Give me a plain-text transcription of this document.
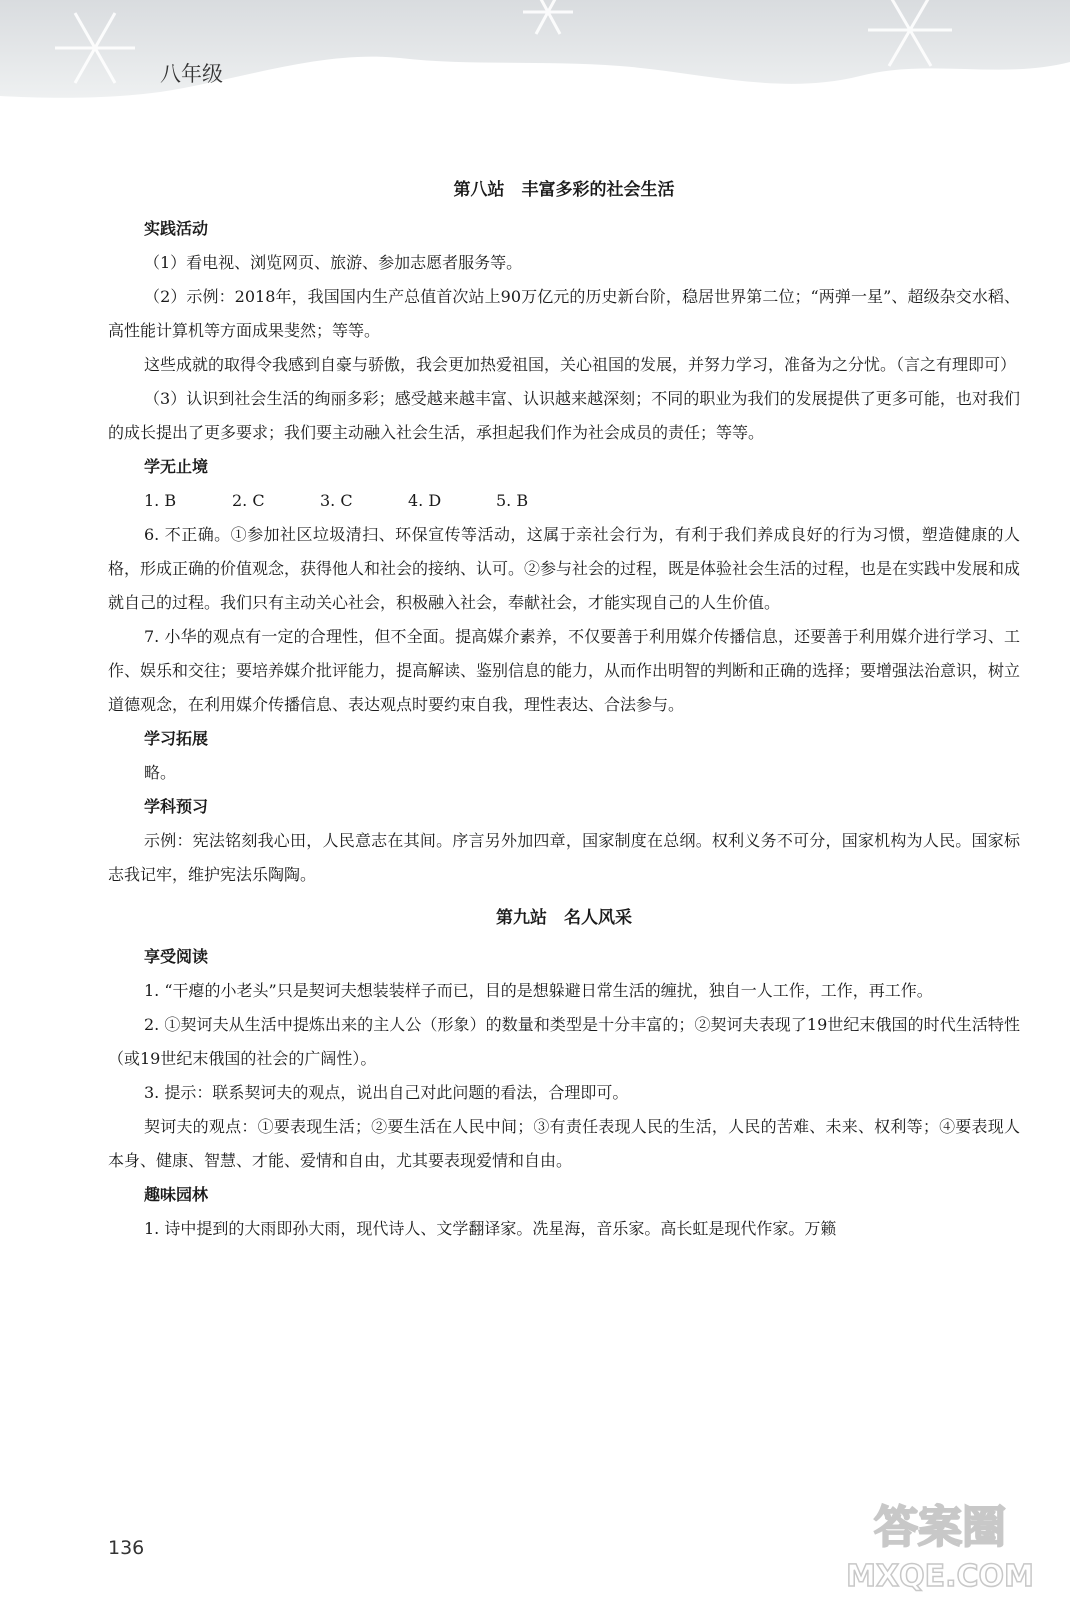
八年级
第八站　丰富多彩的社会生活
实践活动

（1）看电视、浏览网页、旅游、参加志愿者服务等。

（2）示例：2018年，我国国内生产总值首次站上90万亿元的历史新台阶，稳居世界第二位；“两弹一星”、超级杂交水稻、高性能计算机等方面成果斐然；等等。

这些成就的取得令我感到自豪与骄傲，我会更加热爱祖国，关心祖国的发展，并努力学习，准备为之分忧。（言之有理即可）

（3）认识到社会生活的绚丽多彩；感受越来越丰富、认识越来越深刻；不同的职业为我们的发展提供了更多可能，也对我们的成长提出了更多要求；我们要主动融入社会生活，承担起我们作为社会成员的责任；等等。

学无止境
1. B	2. C	3. C	4. D	5. B

6. 不正确。①参加社区垃圾清扫、环保宣传等活动，这属于亲社会行为，有利于我们养成良好的行为习惯，塑造健康的人格，形成正确的价值观念，获得他人和社会的接纳、认可。②参与社会的过程，既是体验社会生活的过程，也是在实践中发展和成就自己的过程。我们只有主动关心社会，积极融入社会，奉献社会，才能实现自己的人生价值。

7. 小华的观点有一定的合理性，但不全面。提高媒介素养，不仅要善于利用媒介传播信息，还要善于利用媒介进行学习、工作、娱乐和交往；要培养媒介批评能力，提高解读、鉴别信息的能力，从而作出明智的判断和正确的选择；要增强法治意识，树立道德观念，在利用媒介传播信息、表达观点时要约束自我，理性表达、合法参与。

学习拓展

略。

学科预习

示例：宪法铭刻我心田，人民意志在其间。序言另外加四章，国家制度在总纲。权利义务不可分，国家机构为人民。国家标志我记牢，维护宪法乐陶陶。

第九站　名人风采
享受阅读

1. “干瘪的小老头”只是契诃夫想装装样子而已，目的是想躲避日常生活的缠扰，独自一人工作，工作，再工作。

2. ①契诃夫从生活中提炼出来的主人公（形象）的数量和类型是十分丰富的；②契诃夫表现了19世纪末俄国的时代生活特性（或19世纪末俄国的社会的广阔性）。

3. 提示：联系契诃夫的观点，说出自己对此问题的看法，合理即可。

契诃夫的观点：①要表现生活；②要生活在人民中间；③有责任表现人民的生活，人民的苦难、未来、权利等；④要表现人本身、健康、智慧、才能、爱情和自由，尤其要表现爱情和自由。

趣味园林

1. 诗中提到的大雨即孙大雨，现代诗人、文学翻译家。冼星海，音乐家。高长虹是现代作家。万籁

136	答案圈
MXQE.COM
